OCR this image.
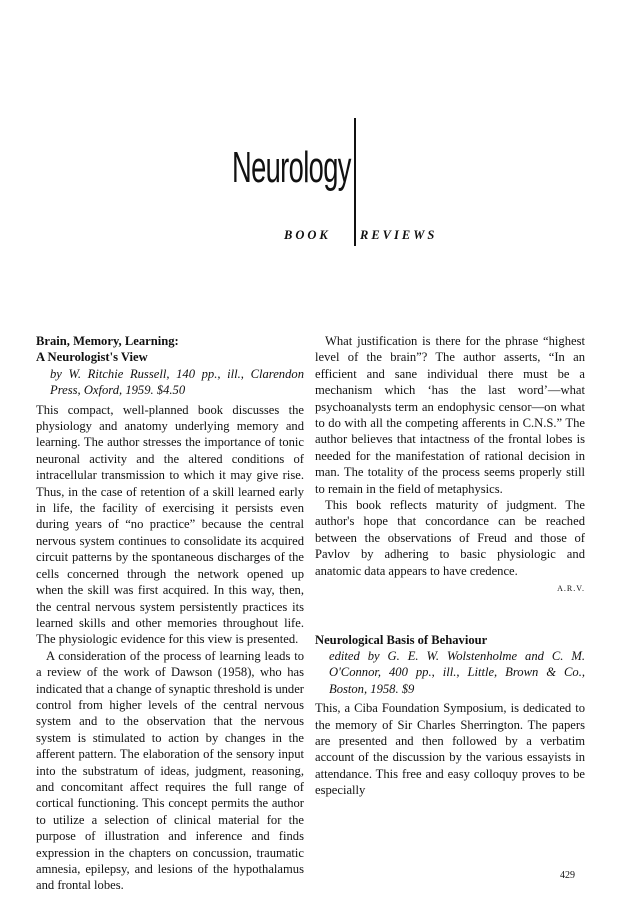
Neurology
BOOK REVIEWS
Brain, Memory, Learning:
A Neurologist's View
by W. Ritchie Russell, 140 pp., ill., Clarendon Press, Oxford, 1959. $4.50

This compact, well-planned book discusses the physiology and anatomy underlying memory and learning. The author stresses the importance of tonic neuronal activity and the altered conditions of intracellular transmission to which it may give rise. Thus, in the case of retention of a skill learned early in life, the facility of exercising it persists even during years of “no practice” because the central nervous system continues to consolidate its acquired circuit patterns by the spontaneous discharges of the cells concerned through the network opened up when the skill was first acquired. In this way, then, the central nervous system persistently practices its learned skills and other memories throughout life. The physiologic evidence for this view is presented.

A consideration of the process of learning leads to a review of the work of Dawson (1958), who has indicated that a change of synaptic threshold is under control from higher levels of the central nervous system and to the observation that the nervous system is stimulated to action by changes in the afferent pattern. The elaboration of the sensory input into the substratum of ideas, judgment, reasoning, and concomitant affect requires the full range of cortical functioning. This concept permits the author to utilize a selection of clinical material for the purpose of illustration and inference and finds expression in the chapters on concussion, traumatic amnesia, epilepsy, and lesions of the hypothalamus and frontal lobes.

What justification is there for the phrase “highest level of the brain”? The author asserts, “In an efficient and sane individual there must be a mechanism which ‘has the last word’—what psychoanalysts term an endophysic censor—on what to do with all the competing afferents in C.N.S.” The author believes that intactness of the frontal lobes is needed for the manifestation of rational decision in man. The totality of the process seems properly still to remain in the field of metaphysics.

This book reflects maturity of judgment. The author's hope that concordance can be reached between the observations of Freud and those of Pavlov by adhering to basic physiologic and anatomic data appears to have credence.

A.R.V.
Neurological Basis of Behaviour
edited by G. E. W. Wolstenholme and C. M. O'Connor, 400 pp., ill., Little, Brown & Co., Boston, 1958. $9

This, a Ciba Foundation Symposium, is dedicated to the memory of Sir Charles Sherrington. The papers are presented and then followed by a verbatim account of the discussion by the various essayists in attendance. This free and easy colloquy proves to be especially

429
